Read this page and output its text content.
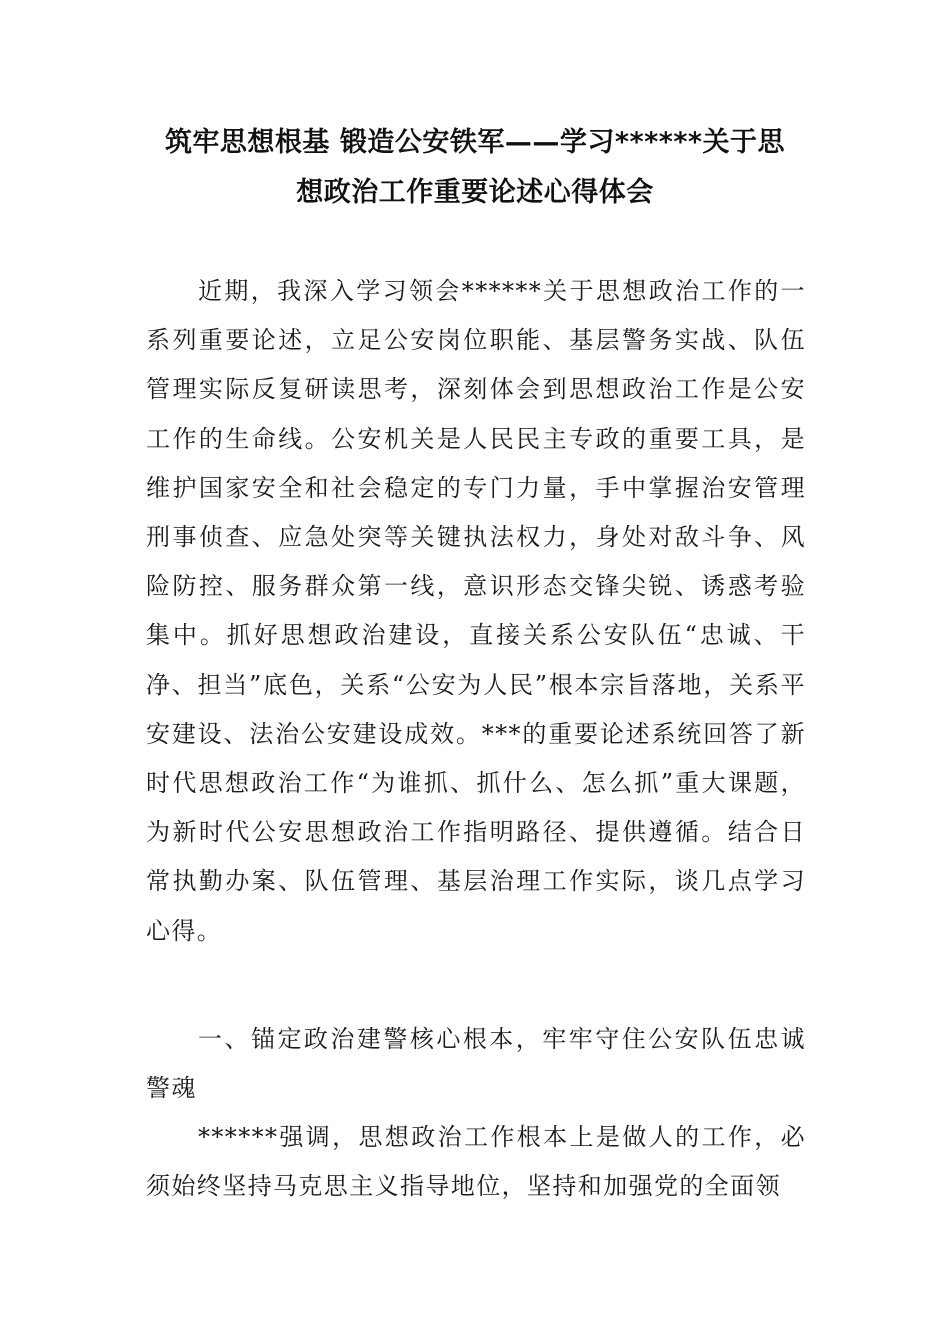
筑牢思想根基 锻造公安铁军——学习******关于思
想政治工作重要论述心得体会

近期，我深入学习领会******关于思想政治工作的一系列重要论述，立足公安岗位职能、基层警务实战、队伍管理实际反复研读思考，深刻体会到思想政治工作是公安工作的生命线。公安机关是人民民主专政的重要工具，是维护国家安全和社会稳定的专门力量，手中掌握治安管理刑事侦查、应急处突等关键执法权力，身处对敌斗争、风险防控、服务群众第一线，意识形态交锋尖锐、诱惑考验集中。抓好思想政治建设，直接关系公安队伍“忠诚、干净、担当”底色，关系“公安为人民”根本宗旨落地，关系平安建设、法治公安建设成效。***的重要论述系统回答了新时代思想政治工作“为谁抓、抓什么、怎么抓”重大课题，为新时代公安思想政治工作指明路径、提供遵循。结合日常执勤办案、队伍管理、基层治理工作实际，谈几点学习心得。

一、锚定政治建警核心根本，牢牢守住公安队伍忠诚警魂

******强调，思想政治工作根本上是做人的工作，必须始终坚持马克思主义指导地位，坚持和加强党的全面领
